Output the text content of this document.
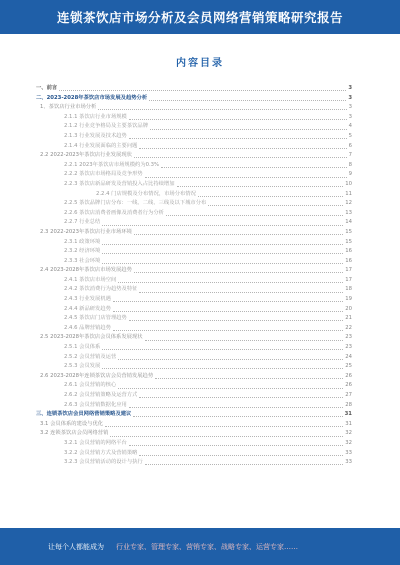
连锁茶饮店市场分析及会员网络营销策略研究报告
内容目录
一、前言	3
二、2023-2028年茶饮店市场发展及趋势分析	3
1、茶饮店行业市场分析	3
2.1.1 茶饮店行业市场规模	3
2.1.2 行业竞争格局及主要茶饮品牌	4
2.1.3 行业发展及技术趋势	5
2.1.4 行业发展面临的主要问题	6
2.2 2022-2023年茶饮店行业发展现状	7
2.2.1 2023年茶饮店市场规模约为0.3%	8
2.2.2 茶饮店市场格局及竞争形势	9
2.2.3 茶饮店新品研发及营销投入占比持续增加	10
2.2.4 门店规模及分布情况，市场分布情况	11
2.2.5 茶饮品牌门店分布：一线、二线、三线及以下城市分布	12
2.2.6 茶饮店消费者画像及消费者行为分析	13
2.2.7 行业总结	14
2.3 2022-2023年茶饮店行业市场环境	15
2.3.1 政策环境	15
2.3.2 经济环境	16
2.3.3 社会环境	16
2.4 2023-2028年茶饮店市场发展趋势	17
2.4.1 茶饮店市场空间	17
2.4.2 茶饮消费行为趋势及特征	18
2.4.3 行业发展机遇	19
2.4.4 新品研发趋势	20
2.4.5 茶饮店门店管理趋势	21
2.4.6 品牌营销趋势	22
2.5 2023-2028年茶饮店会员体系发展现状	23
2.5.1 会员体系	23
2.5.2 会员营销及运营	24
2.5.3 会员发展	25
2.6 2023-2028年连锁茶饮店会员营销发展趋势	26
2.6.1 会员营销的核心	26
2.6.2 会员营销策略及运营方式	27
2.6.3 会员营销数据化应用	28
三、连锁茶饮店会员网络营销策略及建议	31
3.1 会员体系的建设与优化	31
3.2 连锁茶饮店会员网络营销	32
3.2.1 会员营销的网络平台	32
3.2.2 会员营销方式及营销策略	33
3.2.3 会员营销活动的设计与执行	33
让每个人都能成为 行业专家、管理专家、营销专家、战略专家、运营专家……
